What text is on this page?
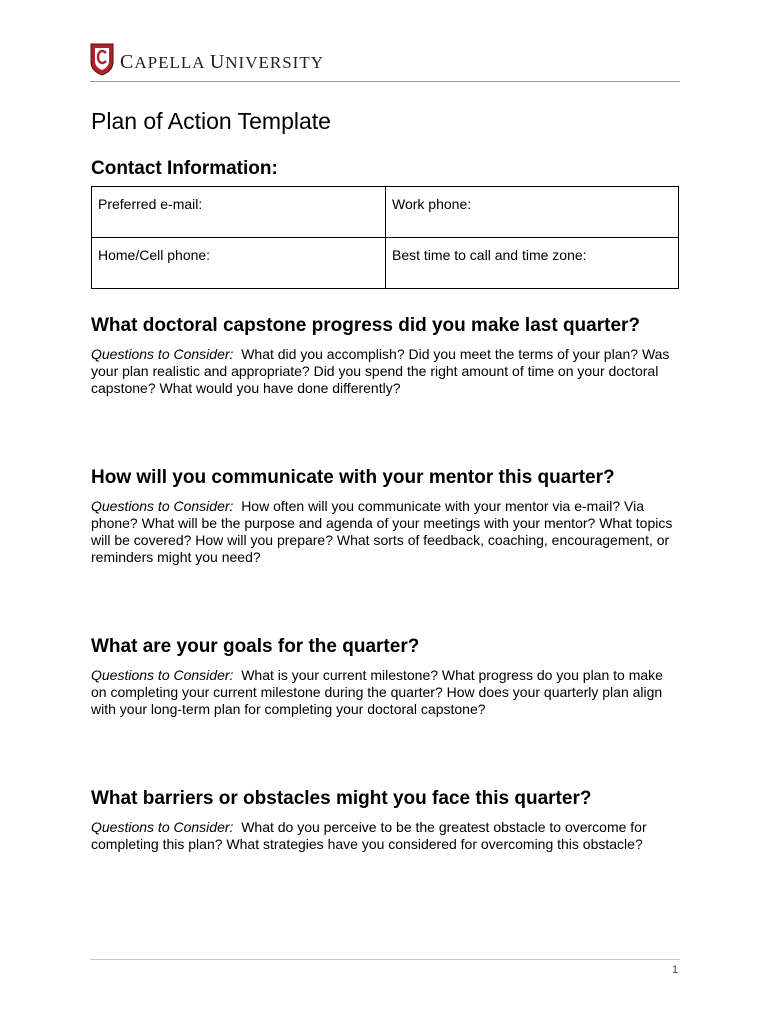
CAPELLA UNIVERSITY
Plan of Action Template
Contact Information:
Preferred e-mail:	Work phone:
Home/Cell phone:	Best time to call and time zone:
What doctoral capstone progress did you make last quarter?
Questions to Consider: What did you accomplish? Did you meet the terms of your plan? Was your plan realistic and appropriate? Did you spend the right amount of time on your doctoral capstone? What would you have done differently?
How will you communicate with your mentor this quarter?
Questions to Consider: How often will you communicate with your mentor via e-mail? Via phone? What will be the purpose and agenda of your meetings with your mentor? What topics will be covered? How will you prepare? What sorts of feedback, coaching, encouragement, or reminders might you need?
What are your goals for the quarter?
Questions to Consider: What is your current milestone? What progress do you plan to make on completing your current milestone during the quarter? How does your quarterly plan align with your long-term plan for completing your doctoral capstone?
What barriers or obstacles might you face this quarter?
Questions to Consider: What do you perceive to be the greatest obstacle to overcome for completing this plan? What strategies have you considered for overcoming this obstacle?
1
